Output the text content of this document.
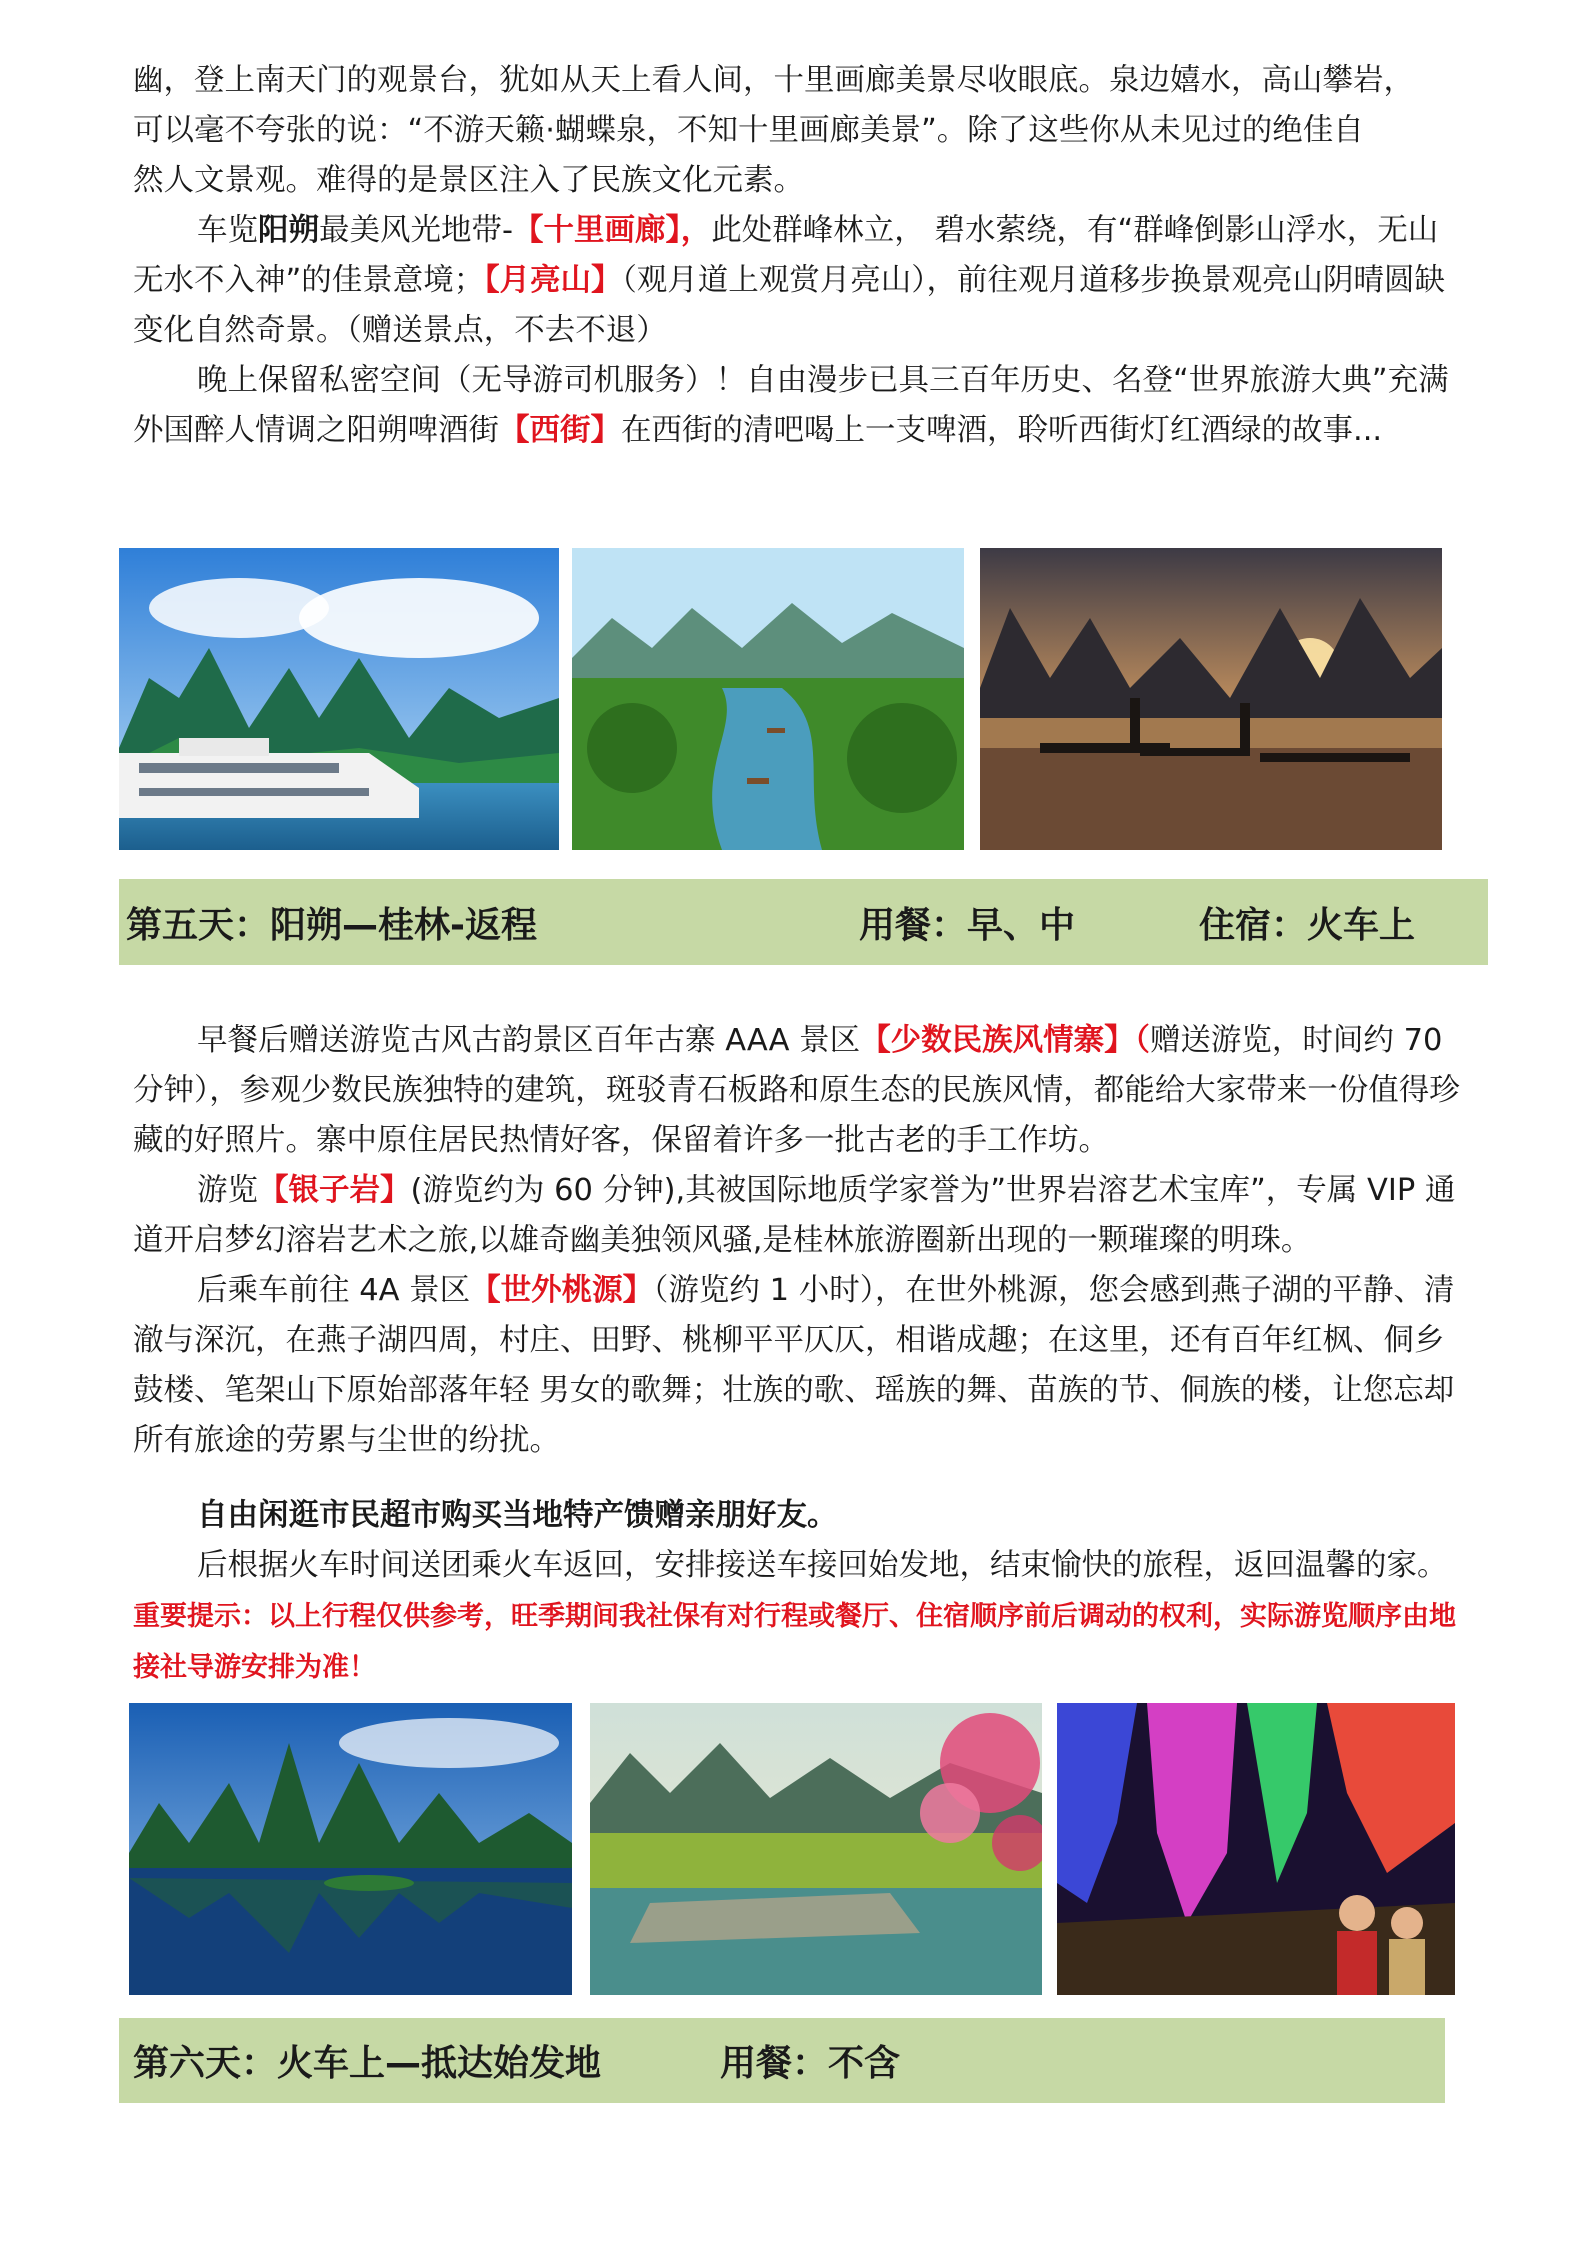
幽，登上南天门的观景台，犹如从天上看人间，十里画廊美景尽收眼底。泉边嬉水，高山攀岩，
可以毫不夸张的说：“不游天籁·蝴蝶泉，不知十里画廊美景”。除了这些你从未见过的绝佳自
然人文景观。难得的是景区注入了民族文化元素。

车览阳朔最美风光地带-【十里画廊】，此处群峰林立， 碧水萦绕，有“群峰倒影山浮水，无山无水不入神”的佳景意境；【月亮山】（观月道上观赏月亮山），前往观月道移步换景观亮山阴晴圆缺变化自然奇景。（赠送景点，不去不退）

晚上保留私密空间（无导游司机服务）！自由漫步已具三百年历史、名登“世界旅游大典”充满外国醉人情调之阳朔啤酒街【西街】在西街的清吧喝上一支啤酒，聆听西街灯红酒绿的故事...

第五天：阳朔—桂林-返程	用餐：早、中	住宿：火车上

早餐后赠送游览古风古韵景区百年古寨 AAA 景区【少数民族风情寨】（赠送游览，时间约 70 分钟），参观少数民族独特的建筑，斑驳青石板路和原生态的民族风情，都能给大家带来一份值得珍藏的好照片。寨中原住居民热情好客，保留着许多一批古老的手工作坊。

游览【银子岩】(游览约为 60 分钟),其被国际地质学家誉为”世界岩溶艺术宝库”，专属 VIP 通道开启梦幻溶岩艺术之旅,以雄奇幽美独领风骚,是桂林旅游圈新出现的一颗璀璨的明珠。

后乘车前往 4A 景区【世外桃源】（游览约 1 小时），在世外桃源，您会感到燕子湖的平静、清澈与深沉，在燕子湖四周，村庄、田野、桃柳平平仄仄，相谐成趣；在这里，还有百年红枫、侗乡鼓楼、笔架山下原始部落年轻 男女的歌舞；壮族的歌、瑶族的舞、苗族的节、侗族的楼，让您忘却所有旅途的劳累与尘世的纷扰。

自由闲逛市民超市购买当地特产馈赠亲朋好友。

后根据火车时间送团乘火车返回，安排接送车接回始发地，结束愉快的旅程，返回温馨的家。重要提示：以上行程仅供参考，旺季期间我社保有对行程或餐厅、住宿顺序前后调动的权利，实际游览顺序由地接社导游安排为准！

第六天：火车上—抵达始发地	用餐：不含
